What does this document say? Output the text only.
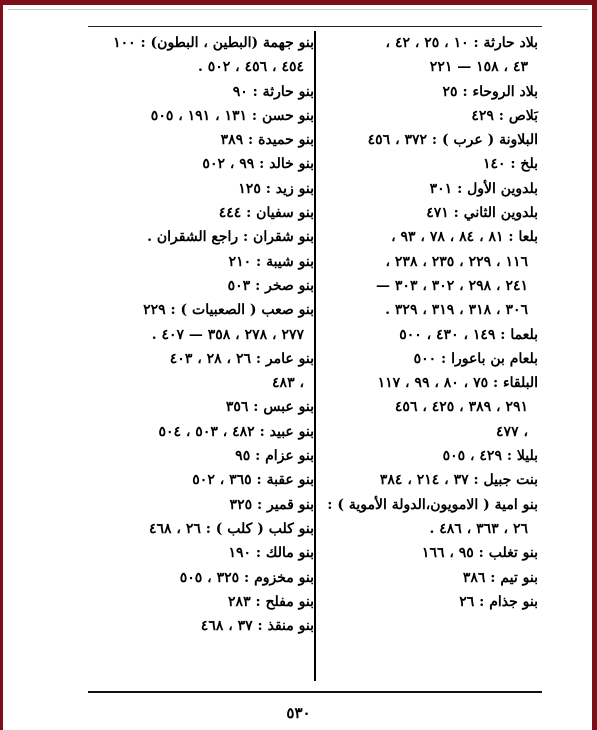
بلاد حارثة : ١٠ ، ٢٥ ، ٤٢ ،
٤٣ ، ١٥٨ — ٢٢١
بلاد الروحاء : ٢٥
بَلاص : ٤٢٩
البلاونة ( عرب ) : ٣٧٢ ، ٤٥٦
بلخ : ١٤٠
بلدوين الأول : ٣٠١
بلدوين الثاني : ٤٧١
بلعا : ٨١ ، ٨٤ ، ٧٨ ، ٩٣ ،
١١٦ ، ٢٢٩ ، ٢٣٥ ، ٢٣٨ ،
٢٤١ ، ٢٩٨ ، ٣٠٢ ، ٣٠٣ —
٣٠٦ ، ٣١٨ ، ٣١٩ ، ٣٢٩ .
بلعما : ١٤٩ ، ٤٣٠ ، ٥٠٠
بلعام بن باعورا : ٥٠٠
البلقاء : ٧٥ ، ٨٠ ، ٩٩ ، ١١٧
٢٩١ ، ٣٨٩ ، ٤٢٥ ، ٤٥٦
، ٤٧٧
بليلا : ٤٢٩ ، ٥٠٥
بنت جبيل : ٣٧ ، ٢١٤ ، ٣٨٤
بنو امية ( الامويون،الدولة الأموية ) :
٢٦ ، ٣٦٣ ، ٤٨٦ .
بنو تغلب : ٩٥ ، ١٦٦
بنو تيم : ٣٨٦
بنو جذام : ٢٦
بنو جهمة (البطين ، البطون) : ١٠٠
٤٥٤ ، ٤٥٦ ، ٥٠٢ .
بنو حارثة : ٩٠
بنو حسن : ١٣١ ، ١٩١ ، ٥٠٥
بنو حميدة : ٣٨٩
بنو خالد : ٩٩ ، ٥٠٢
بنو زيد : ١٢٥
بنو سفيان : ٤٤٤
بنو شقران : راجع الشقران .
بنو شيبة : ٢١٠
بنو صخر : ٥٠٣
بنو صعب ( الصعبيات ) : ٢٢٩
٢٧٧ ، ٢٧٨ ، ٣٥٨ — ٤٠٧ .
بنو عامر : ٢٦ ، ٢٨ ، ٤٠٣
، ٤٨٣
بنو عبس : ٣٥٦
بنو عبيد : ٤٨٢ ، ٥٠٣ ، ٥٠٤
بنو عزام : ٩٥
بنو عقبة : ٣٦٥ ، ٥٠٢
بنو قمير : ٣٢٥
بنو كلب ( كلب ) : ٢٦ ، ٤٦٨
بنو مالك : ١٩٠
بنو مخزوم : ٣٢٥ ، ٥٠٥
بنو مفلح : ٢٨٣
بنو منقذ : ٣٧ ، ٤٦٨
٥٣٠
